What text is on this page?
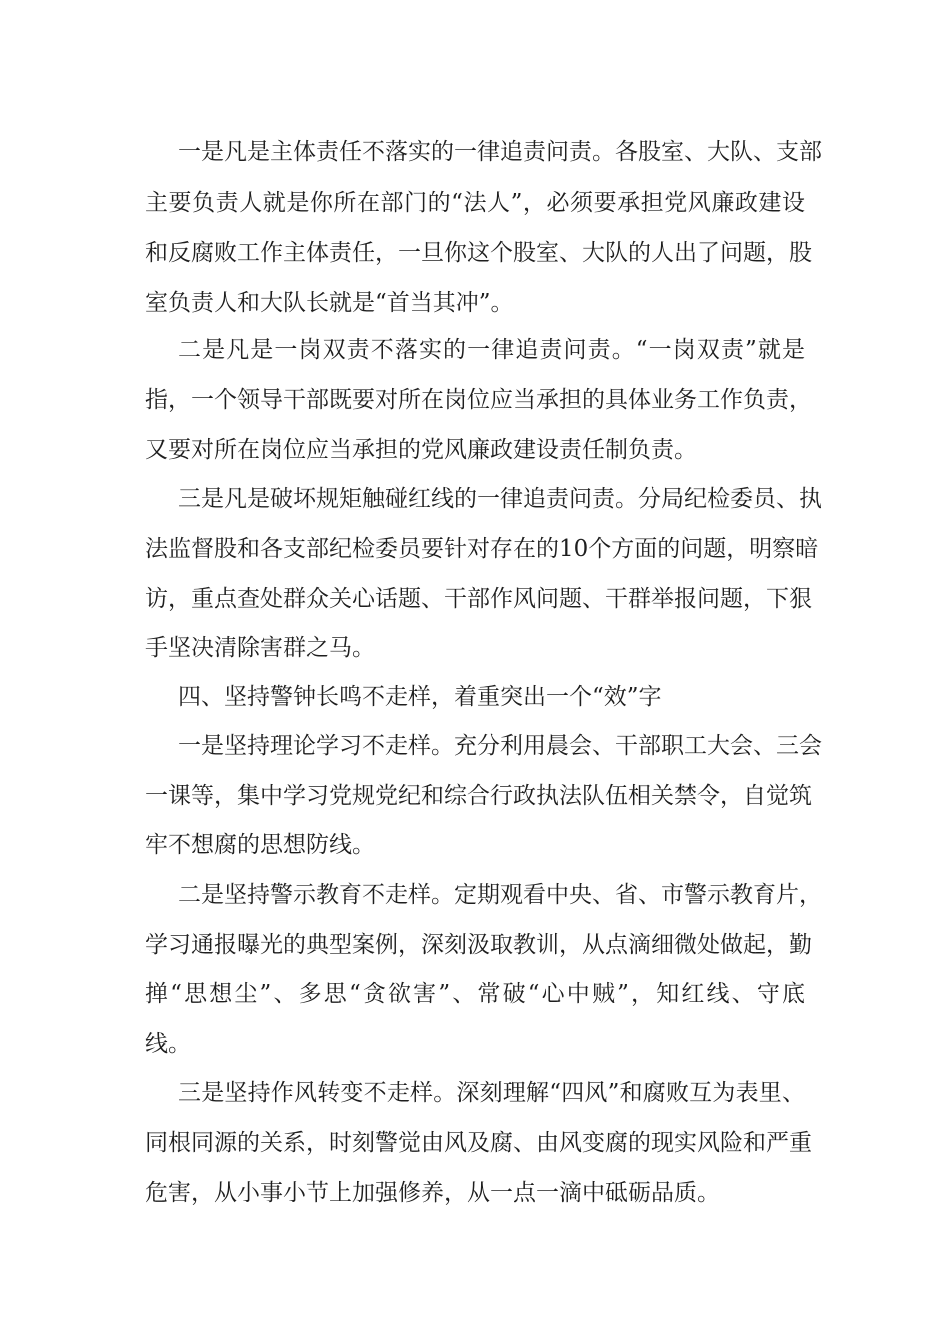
一是凡是主体责任不落实的一律追责问责。各股室、大队、支部
主要负责人就是你所在部门的“法人”，必须要承担党风廉政建设
和反腐败工作主体责任，一旦你这个股室、大队的人出了问题，股
室负责人和大队长就是“首当其冲”。
二是凡是一岗双责不落实的一律追责问责。“一岗双责”就是
指，一个领导干部既要对所在岗位应当承担的具体业务工作负责，
又要对所在岗位应当承担的党风廉政建设责任制负责。
三是凡是破坏规矩触碰红线的一律追责问责。分局纪检委员、执
法监督股和各支部纪检委员要针对存在的10个方面的问题，明察暗
访，重点查处群众关心话题、干部作风问题、干群举报问题，下狠
手坚决清除害群之马。
四、坚持警钟长鸣不走样，着重突出一个“效”字
一是坚持理论学习不走样。充分利用晨会、干部职工大会、三会
一课等，集中学习党规党纪和综合行政执法队伍相关禁令，自觉筑
牢不想腐的思想防线。
二是坚持警示教育不走样。定期观看中央、省、市警示教育片，
学习通报曝光的典型案例，深刻汲取教训，从点滴细微处做起，勤
掸“思想尘”、多思“贪欲害”、常破“心中贼”，知红线、守底
线。
三是坚持作风转变不走样。深刻理解“四风”和腐败互为表里、
同根同源的关系，时刻警觉由风及腐、由风变腐的现实风险和严重
危害，从小事小节上加强修养，从一点一滴中砥砺品质。
